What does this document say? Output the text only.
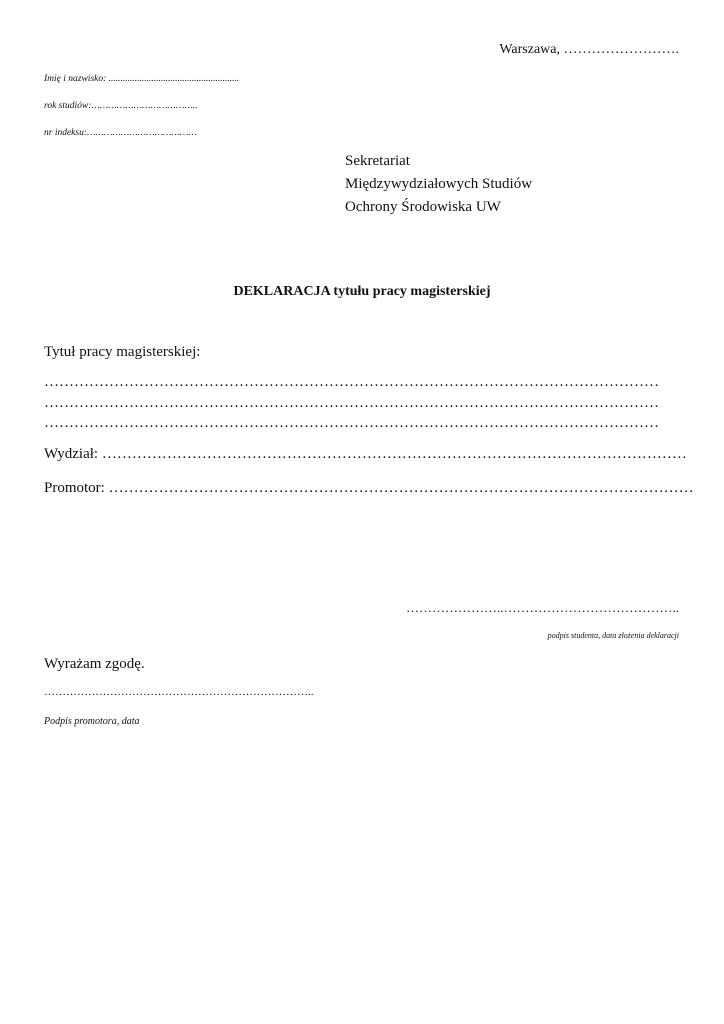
Warszawa, …………………….
Imię i nazwisko: .......................................................
rok studiów:………………………………..
nr indeksu:…………………………………
Sekretariat
Międzywydziałowych Studiów
Ochrony Środowiska UW
DEKLARACJA tytułu pracy magisterskiej
Tytuł pracy magisterskiej:
……………………………………………………………………………………………………………
……………………………………………………………………………………………………………
……………………………………………………………………………………………………………
Wydział: ………………………………………………………………………………………………………
Promotor: ………………………………………………………………………………………………………
…………………..…………………………………..
podpis studenta, data złożenia deklaracji
Wyrażam zgodę.
………………………………………………………………..
Podpis promotora, data
